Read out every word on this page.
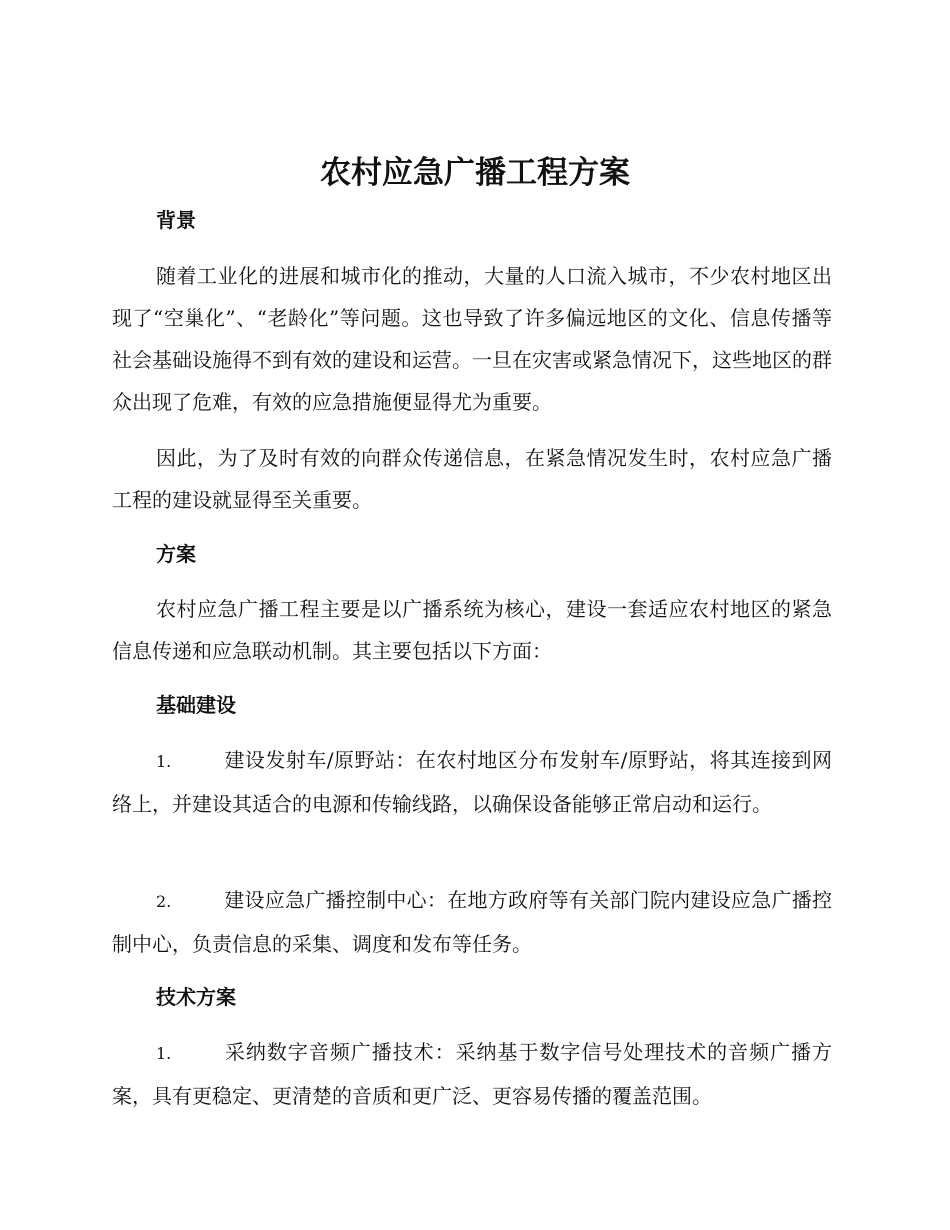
农村应急广播工程方案
背景

随着工业化的进展和城市化的推动，大量的人口流入城市，不少农村地区出现了“空巢化”、“老龄化”等问题。这也导致了许多偏远地区的文化、信息传播等社会基础设施得不到有效的建设和运营。一旦在灾害或紧急情况下，这些地区的群众出现了危难，有效的应急措施便显得尤为重要。

因此，为了及时有效的向群众传递信息，在紧急情况发生时，农村应急广播工程的建设就显得至关重要。

方案

农村应急广播工程主要是以广播系统为核心，建设一套适应农村地区的紧急信息传递和应急联动机制。其主要包括以下方面：

基础建设

1.	建设发射车/原野站：在农村地区分布发射车/原野站，将其连接到网络上，并建设其适合的电源和传输线路，以确保设备能够正常启动和运行。

2.	建设应急广播控制中心：在地方政府等有关部门院内建设应急广播控制中心，负责信息的采集、调度和发布等任务。

技术方案

1.	采纳数字音频广播技术：采纳基于数字信号处理技术的音频广播方案，具有更稳定、更清楚的音质和更广泛、更容易传播的覆盖范围。
